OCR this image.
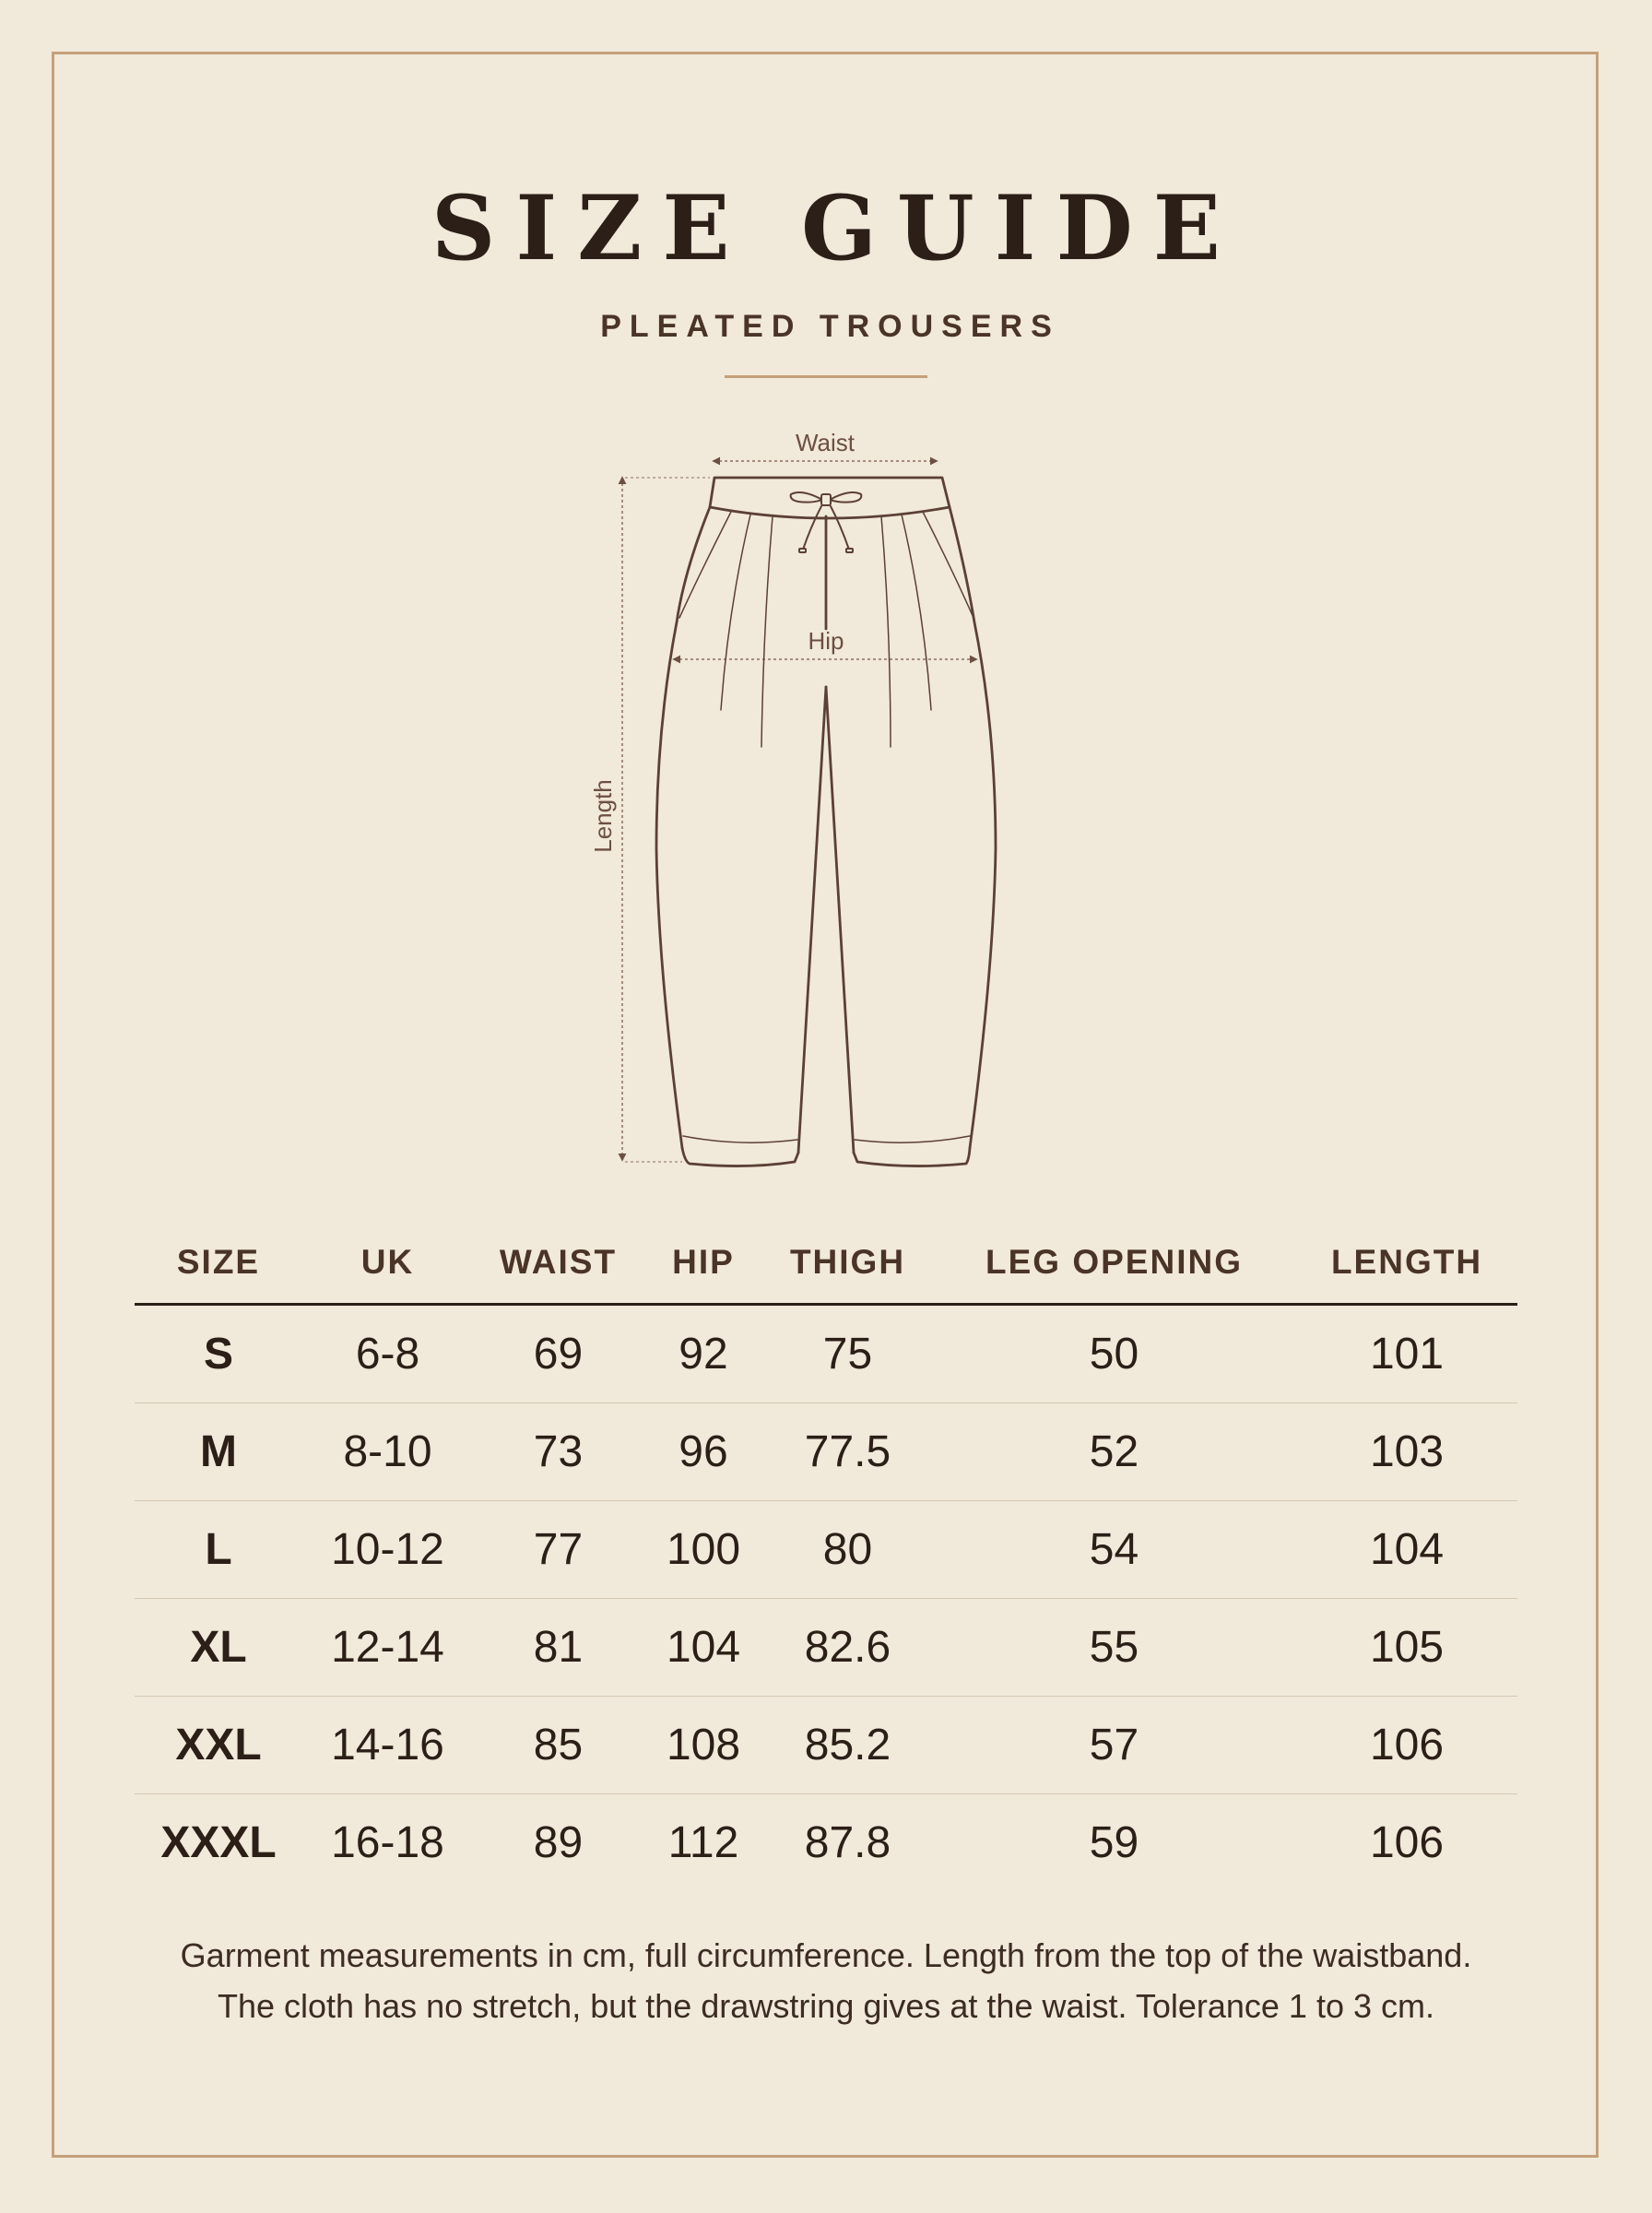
SIZE GUIDE
PLEATED TROUSERS
Waist
Hip
Length
SIZE	UK	WAIST	HIP	THIGH	LEG OPENING	LENGTH
S	6-8	69	92	75	50	101
M	8-10	73	96	77.5	52	103
L	10-12	77	100	80	54	104
XL	12-14	81	104	82.6	55	105
XXL	14-16	85	108	85.2	57	106
XXXL	16-18	89	112	87.8	59	106
Garment measurements in cm, full circumference. Length from the top of the waistband.
The cloth has no stretch, but the drawstring gives at the waist. Tolerance 1 to 3 cm.
